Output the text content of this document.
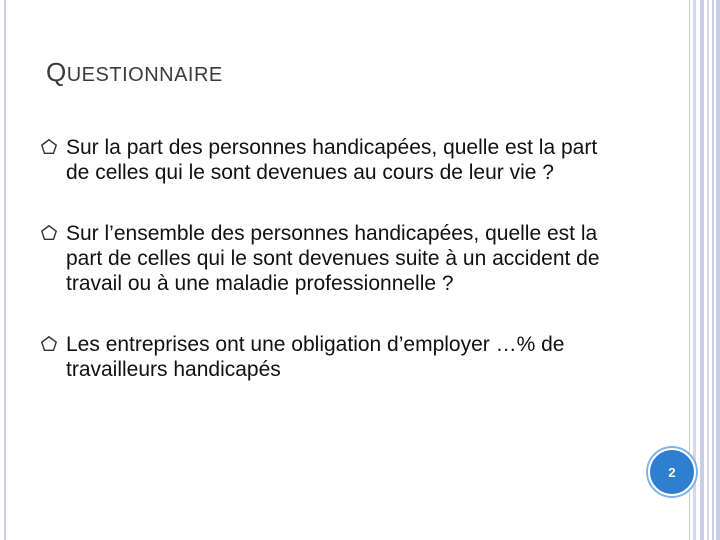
QUESTIONNAIRE
Sur la part des personnes handicapées, quelle est la part de celles qui le sont devenues au cours de leur vie ?
Sur l’ensemble des personnes handicapées, quelle est la part de celles qui le sont devenues suite à un accident de travail ou à une maladie professionnelle ?
Les entreprises ont une obligation d’employer …% de travailleurs handicapés
2
